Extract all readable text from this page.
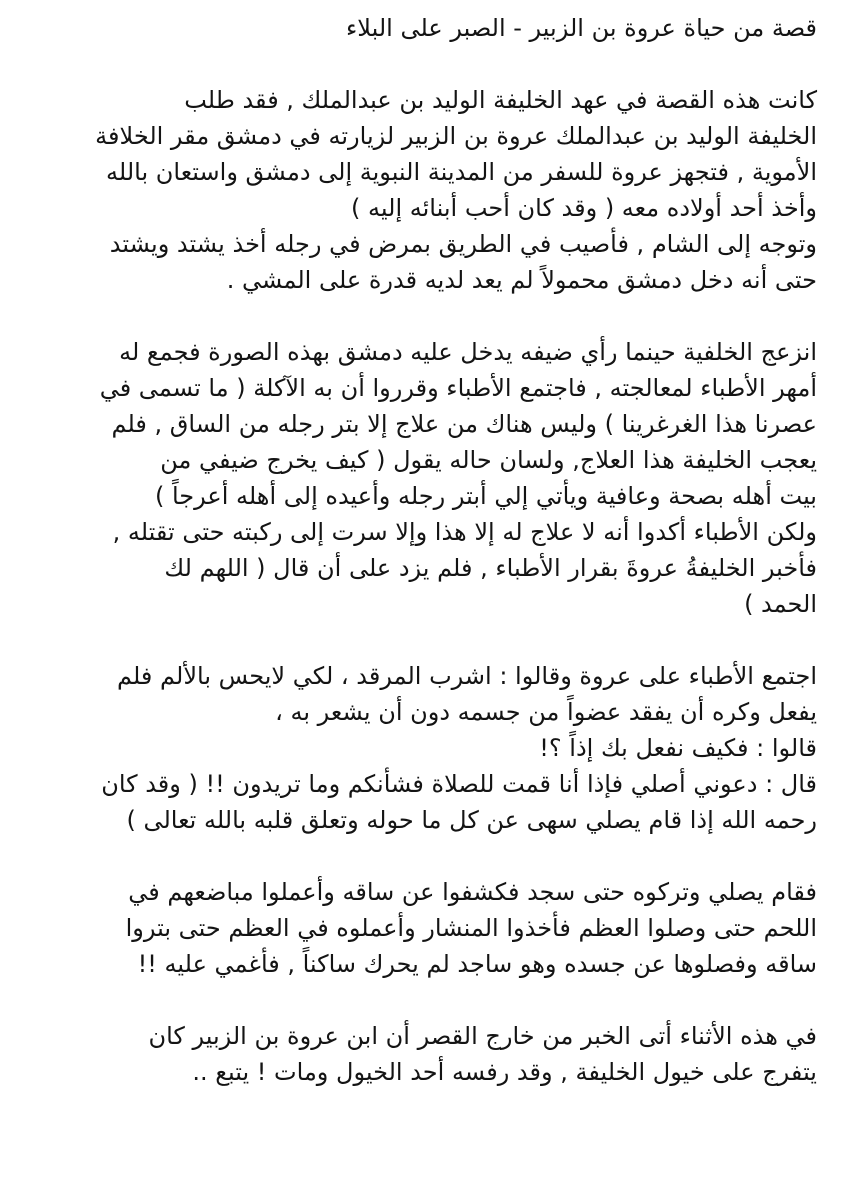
قصة من حياة عروة بن الزبير - الصبر على البلاء

كانت هذه القصة في عهد الخليفة الوليد بن عبدالملك , فقد طلب
الخليفة الوليد بن عبدالملك عروة بن الزبير لزيارته في دمشق مقر الخلافة
الأموية , فتجهز عروة للسفر من المدينة النبوية إلى دمشق واستعان بالله
وأخذ أحد أولاده معه ( وقد كان أحب أبنائه إليه )

وتوجه إلى الشام , فأصيب في الطريق بمرض في رجله أخذ يشتد ويشتد
حتى أنه دخل دمشق محمولاً لم يعد لديه قدرة على المشي .

انزعج الخلفية حينما رأي ضيفه يدخل عليه دمشق بهذه الصورة فجمع له
أمهر الأطباء لمعالجته , فاجتمع الأطباء وقرروا أن به الآكلة ( ما تسمى في
عصرنا هذا الغرغرينا ) وليس هناك من علاج إلا بتر رجله من الساق , فلم
يعجب الخليفة هذا العلاج, ولسان حاله يقول ( كيف يخرج ضيفي من
بيت أهله بصحة وعافية ويأتي إلي أبتر رجله وأعيده إلى أهله أعرجاً )
ولكن الأطباء أكدوا أنه لا علاج له إلا هذا وإلا سرت إلى ركبته حتى تقتله ,
فأخبر الخليفةُ عروةَ بقرار الأطباء , فلم يزد على أن قال ( اللهم لك
الحمد )

اجتمع الأطباء على عروة وقالوا : اشرب المرقد ، لكي لايحس بالألم فلم
يفعل وكره أن يفقد عضواً من جسمه دون أن يشعر به ،
قالوا : فكيف نفعل بك إذاً ؟!
قال : دعوني أصلي فإذا أنا قمت للصلاة فشأنكم وما تريدون !! ( وقد كان
رحمه الله إذا قام يصلي سهى عن كل ما حوله وتعلق قلبه بالله تعالى )

فقام يصلي وتركوه حتى سجد فكشفوا عن ساقه وأعملوا مباضعهم في
اللحم حتى وصلوا العظم فأخذوا المنشار وأعملوه في العظم حتى بتروا
ساقه وفصلوها عن جسده وهو ساجد لم يحرك ساكناً , فأغمي عليه !!

في هذه الأثناء أتى الخبر من خارج القصر أن ابن عروة بن الزبير كان
يتفرج على خيول الخليفة , وقد رفسه أحد الخيول ومات ! يتبع ..
